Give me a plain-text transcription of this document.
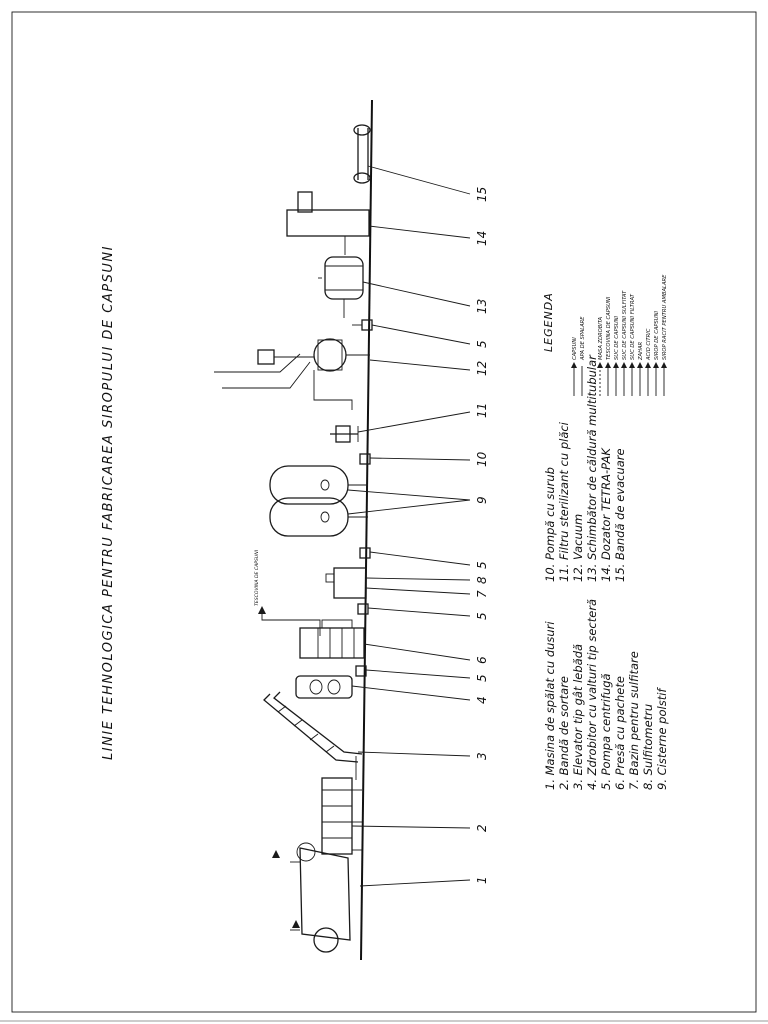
LINIE TEHNOLOGICA PENTRU FABRICAREA SIROPULUI DE CAPSUNI	TESCOVINA DE CAPSUNI
1
2
3
4
5
6
5
7
8
5
9
10
11
12
5
13
14
15
1. Masina de spălat cu dusuri 2. Bandă de sortare 3. Elevator tip gât lebădă 4. Zdrobitor cu valturi tip secteră 5. Pompa centrifugă 6. Presă cu pachete 7. Bazin pentru sulfitare 8. Sulfitometru 9. Cisterne polstif
10. Pompă cu surub 11. Filtru sterilizant cu plăci 12. Vacuum 13. Schimbător de căldură multitubular 14. Dozator TETRA-PAK 15. Bandă de evacuare
LEGENDA	CAPSUNI APA DE SPALARE MASA ZDROBITA TESCOVINA DE CAPSUNI SUC DE CAPSUNI SUC DE CAPSUNI SULFITAT SUC DE CAPSUNI FILTRAT ZAHAR ACID CITRIC SIROP DE CAPSUNI SIROP RACIT PENTRU AMBALARE
